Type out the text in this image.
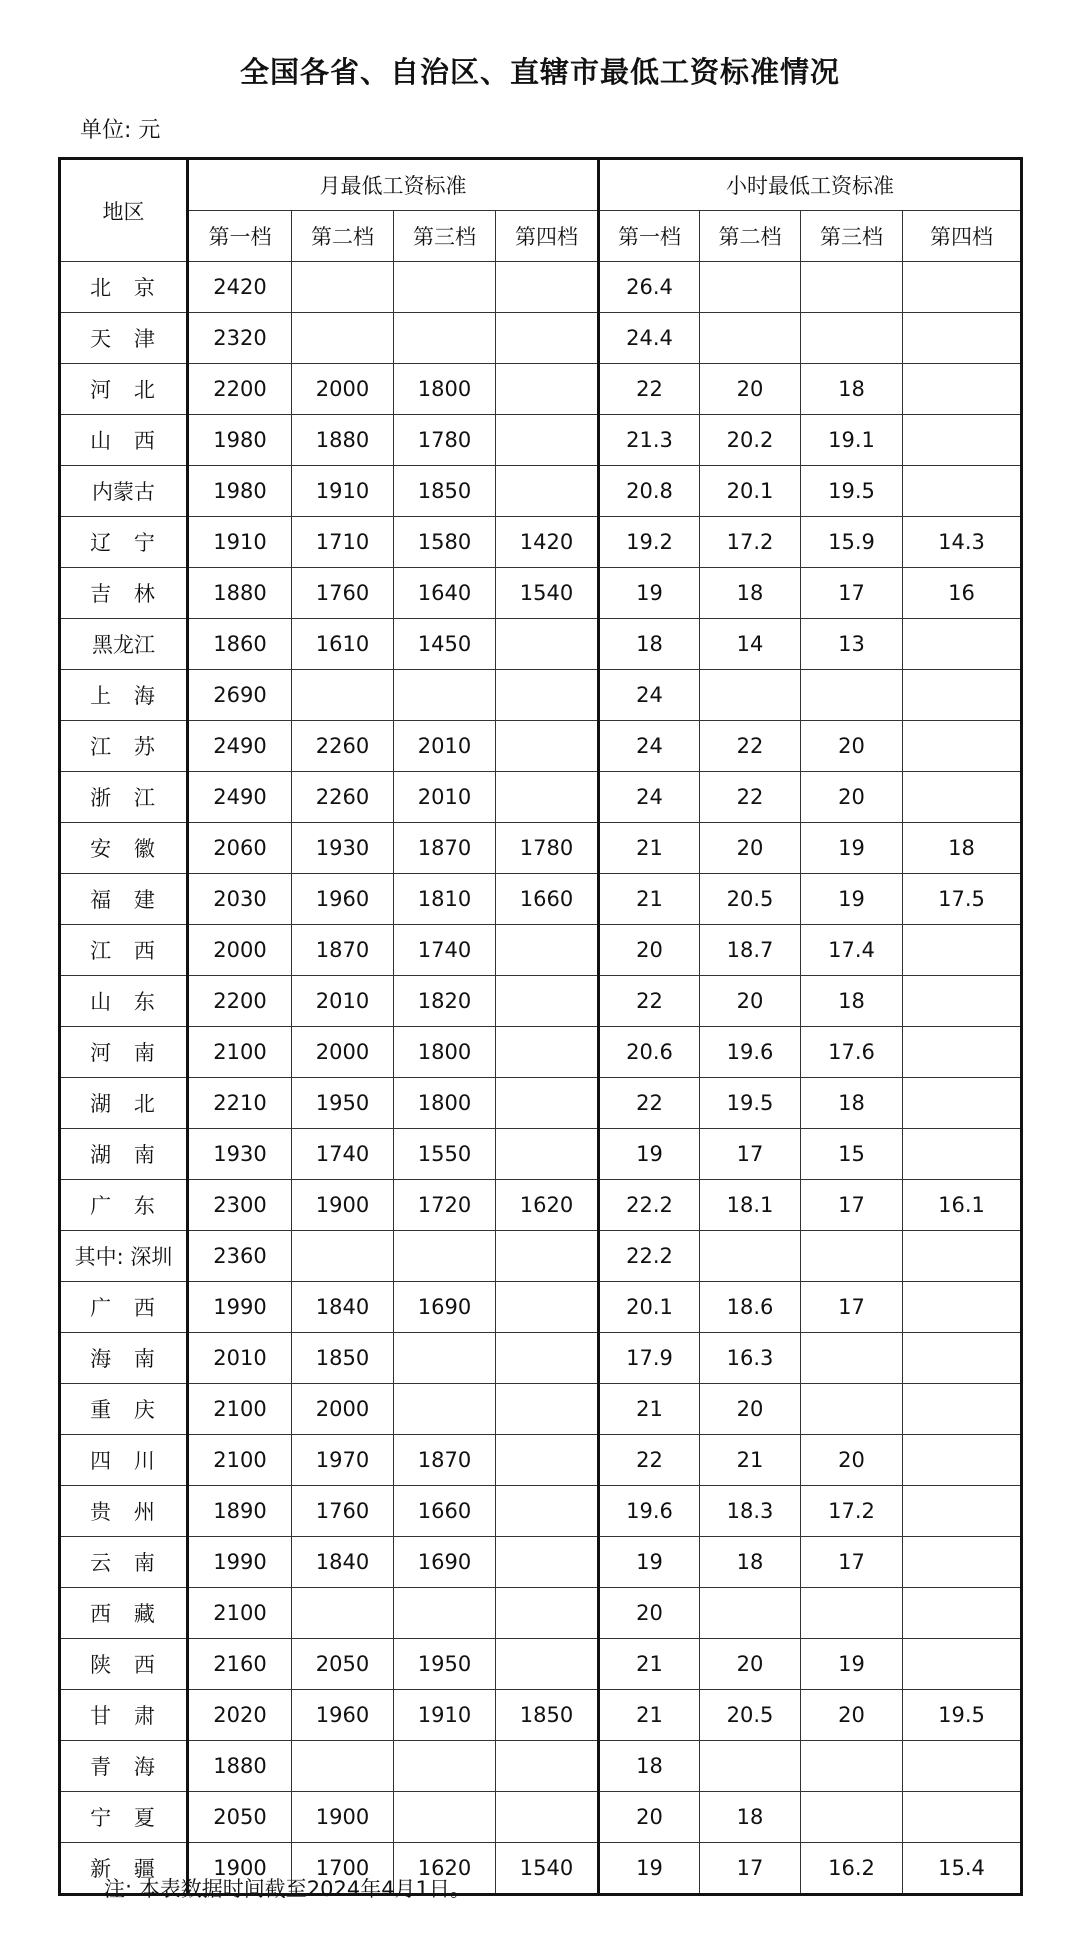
全国各省、自治区、直辖市最低工资标准情况
单位: 元
地区	月最低工资标准				小时最低工资标准			
	第一档	第二档	第三档	第四档	第一档	第二档	第三档	第四档
北 京	2420				26.4			
天 津	2320				24.4			
河 北	2200	2000	1800		22	20	18	
山 西	1980	1880	1780		21.3	20.2	19.1	
内蒙古	1980	1910	1850		20.8	20.1	19.5	
辽 宁	1910	1710	1580	1420	19.2	17.2	15.9	14.3
吉 林	1880	1760	1640	1540	19	18	17	16
黑龙江	1860	1610	1450		18	14	13	
上 海	2690				24			
江 苏	2490	2260	2010		24	22	20	
浙 江	2490	2260	2010		24	22	20	
安 徽	2060	1930	1870	1780	21	20	19	18
福 建	2030	1960	1810	1660	21	20.5	19	17.5
江 西	2000	1870	1740		20	18.7	17.4	
山 东	2200	2010	1820		22	20	18	
河 南	2100	2000	1800		20.6	19.6	17.6	
湖 北	2210	1950	1800		22	19.5	18	
湖 南	1930	1740	1550		19	17	15	
广 东	2300	1900	1720	1620	22.2	18.1	17	16.1
其中: 深圳	2360				22.2			
广 西	1990	1840	1690		20.1	18.6	17	
海 南	2010	1850			17.9	16.3		
重 庆	2100	2000			21	20		
四 川	2100	1970	1870		22	21	20	
贵 州	1890	1760	1660		19.6	18.3	17.2	
云 南	1990	1840	1690		19	18	17	
西 藏	2100				20			
陕 西	2160	2050	1950		21	20	19	
甘 肃	2020	1960	1910	1850	21	20.5	20	19.5
青 海	1880				18			
宁 夏	2050	1900			20	18		
新 疆	1900	1700	1620	1540	19	17	16.2	15.4
注: 本表数据时间截至2024年4月1日。
